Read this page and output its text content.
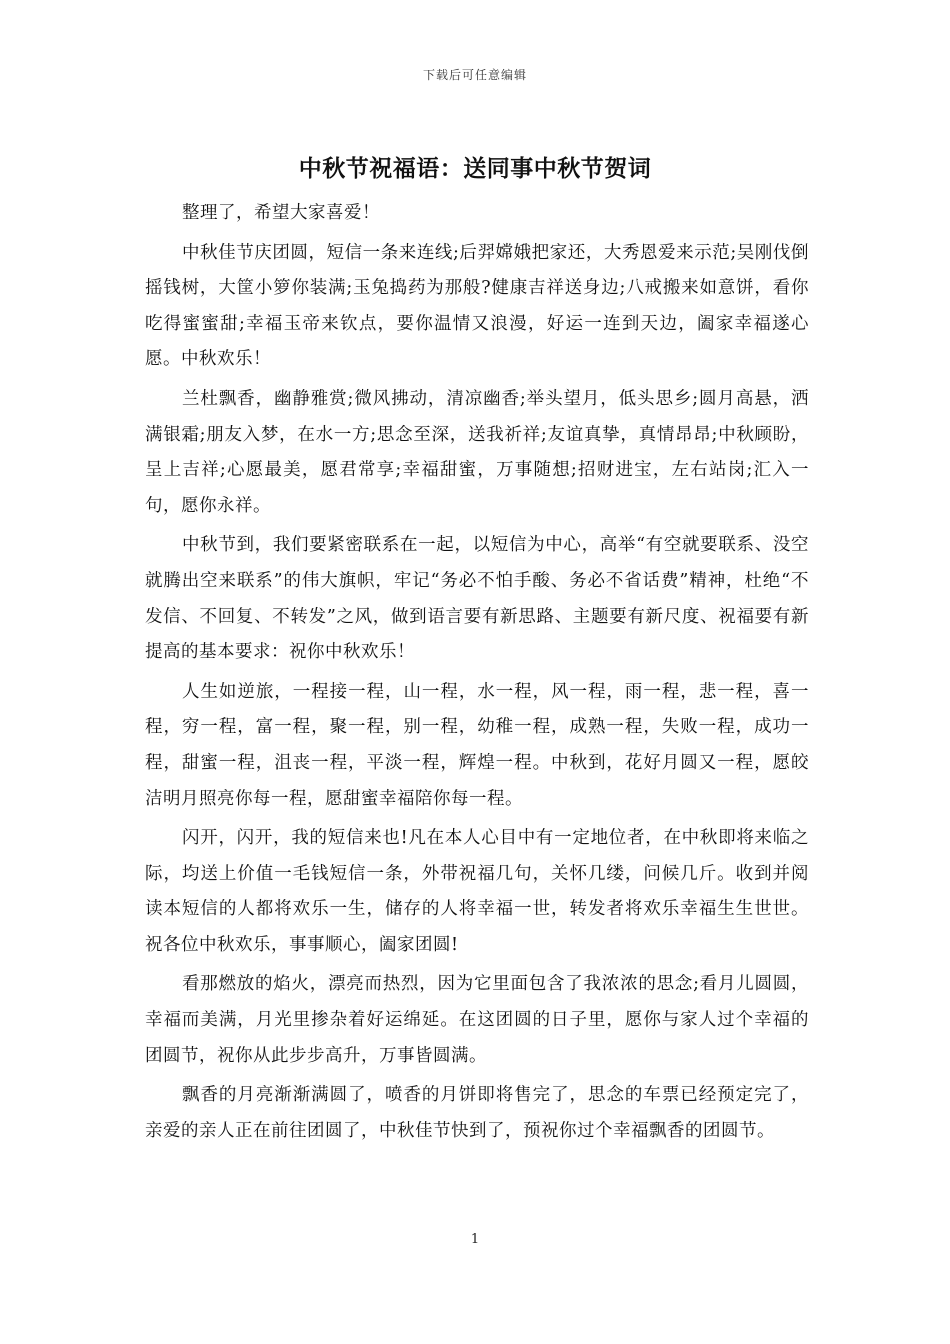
下载后可任意编辑
中秋节祝福语：送同事中秋节贺词

整理了，希望大家喜爱！

中秋佳节庆团圆，短信一条来连线;后羿嫦娥把家还，大秀恩爱来示范;吴刚伐倒摇钱树，大筐小箩你装满;玉兔捣药为那般?健康吉祥送身边;八戒搬来如意饼，看你吃得蜜蜜甜;幸福玉帝来钦点，要你温情又浪漫，好运一连到天边，阖家幸福遂心愿。中秋欢乐！

兰杜飘香，幽静雅赏;微风拂动，清凉幽香;举头望月，低头思乡;圆月高悬，洒满银霜;朋友入梦，在水一方;思念至深，送我祈祥;友谊真挚，真情昂昂;中秋顾盼，呈上吉祥;心愿最美，愿君常享;幸福甜蜜，万事随想;招财进宝，左右站岗;汇入一句，愿你永祥。

中秋节到，我们要紧密联系在一起，以短信为中心，高举“有空就要联系、没空就腾出空来联系”的伟大旗帜，牢记“务必不怕手酸、务必不省话费”精神，杜绝“不发信、不回复、不转发”之风，做到语言要有新思路、主题要有新尺度、祝福要有新提高的基本要求：祝你中秋欢乐！

人生如逆旅，一程接一程，山一程，水一程，风一程，雨一程，悲一程，喜一程，穷一程，富一程，聚一程，别一程，幼稚一程，成熟一程，失败一程，成功一程，甜蜜一程，沮丧一程，平淡一程，辉煌一程。中秋到，花好月圆又一程，愿皎洁明月照亮你每一程，愿甜蜜幸福陪你每一程。

闪开，闪开，我的短信来也!凡在本人心目中有一定地位者，在中秋即将来临之际，均送上价值一毛钱短信一条，外带祝福几句，关怀几缕，问候几斤。收到并阅读本短信的人都将欢乐一生，储存的人将幸福一世，转发者将欢乐幸福生生世世。祝各位中秋欢乐，事事顺心，阖家团圆!

看那燃放的焰火，漂亮而热烈，因为它里面包含了我浓浓的思念;看月儿圆圆，幸福而美满，月光里掺杂着好运绵延。在这团圆的日子里，愿你与家人过个幸福的团圆节，祝你从此步步高升，万事皆圆满。

飘香的月亮渐渐满圆了，喷香的月饼即将售完了，思念的车票已经预定完了，亲爱的亲人正在前往团圆了，中秋佳节快到了，预祝你过个幸福飘香的团圆节。

1
